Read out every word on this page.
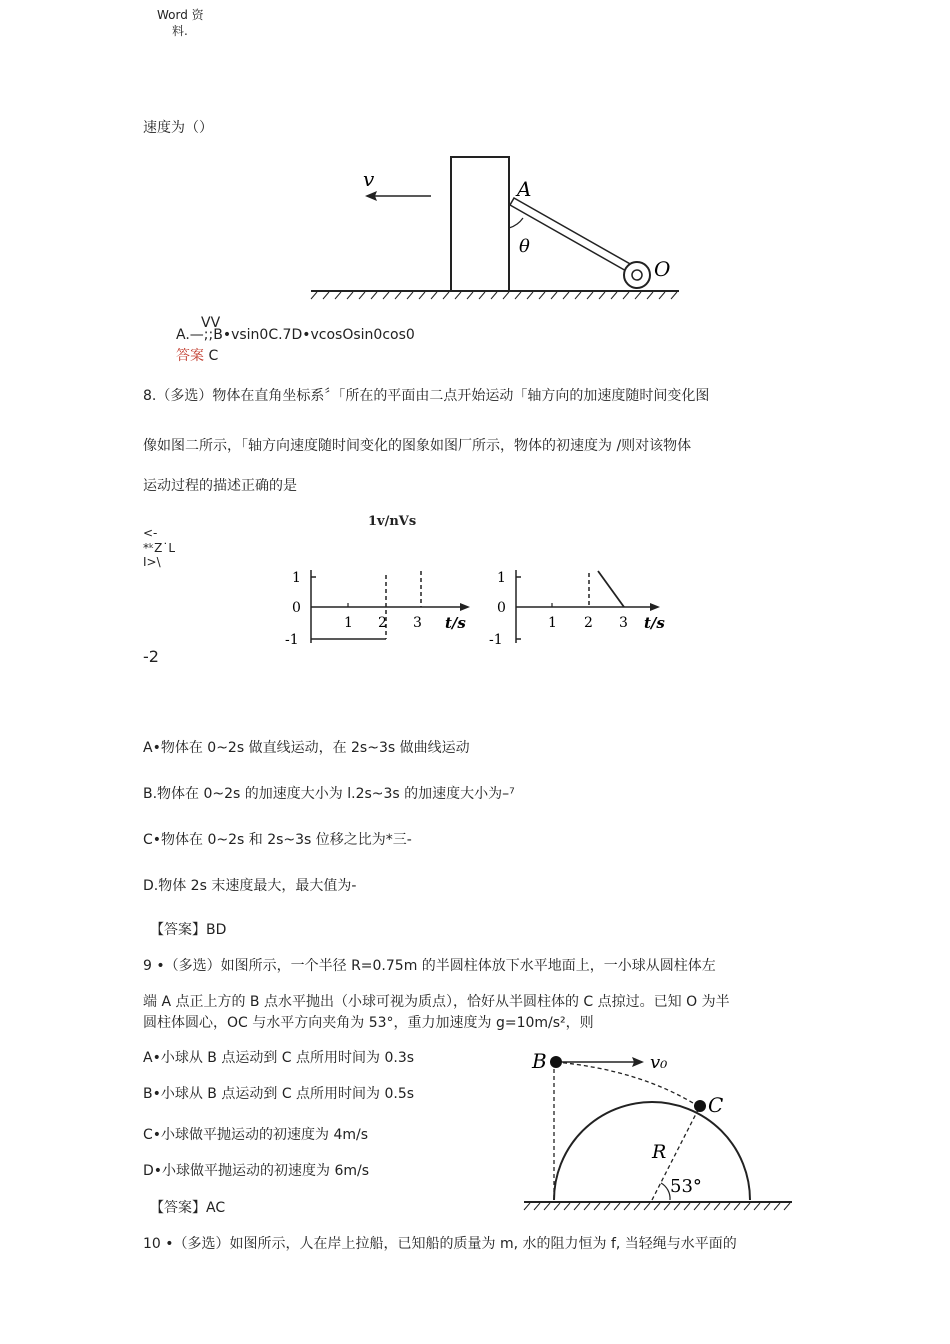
Word 资
料.
速度为（）
v	A
θ
O
VV
A.—;;B•vsin0C.7D•vcosOsin0cos0
答案 C
8.（多选）物体在直角坐标系〞「所在的平面由二点开始运动「轴方向的加速度随时间变化图
像如图二所示，「轴方向速度随时间变化的图象如图厂所示，物体的初速度为 /则对该物体
运动过程的描述正确的是
1v/nVs
<-
*ᵏZ˙L
I>\
1
0
-1
1 2 3 t/s
1
0
-1
1 2 3 t/s
-2
A•物体在 0~2s 做直线运动，在 2s~3s 做曲线运动
B.物体在 0~2s 的加速度大小为 l.2s~3s 的加速度大小为–⁷
C•物体在 0~2s 和 2s~3s 位移之比为*三-
D.物体 2s 末速度最大，最大值为-
【答案】BD
9 •（多选）如图所示，一个半径 R=0.75m 的半圆柱体放下水平地面上，一小球从圆柱体左
端 A 点正上方的 B 点水平抛出（小球可视为质点），恰好从半圆柱体的 C 点掠过。已知 O 为半
圆柱体圆心，OC 与水平方向夹角为 53°，重力加速度为 g=10m/s²，则
A•小球从 B 点运动到 C 点所用时间为 0.3s
B•小球从 B 点运动到 C 点所用时间为 0.5s
C•小球做平抛运动的初速度为 4m/s
D•小球做平抛运动的初速度为 6m/s
【答案】AC
B	v₀
C
R
53°
10 •（多选）如图所示，人在岸上拉船，已知船的质量为 m, 水的阻力恒为 f, 当轻绳与水平面的
